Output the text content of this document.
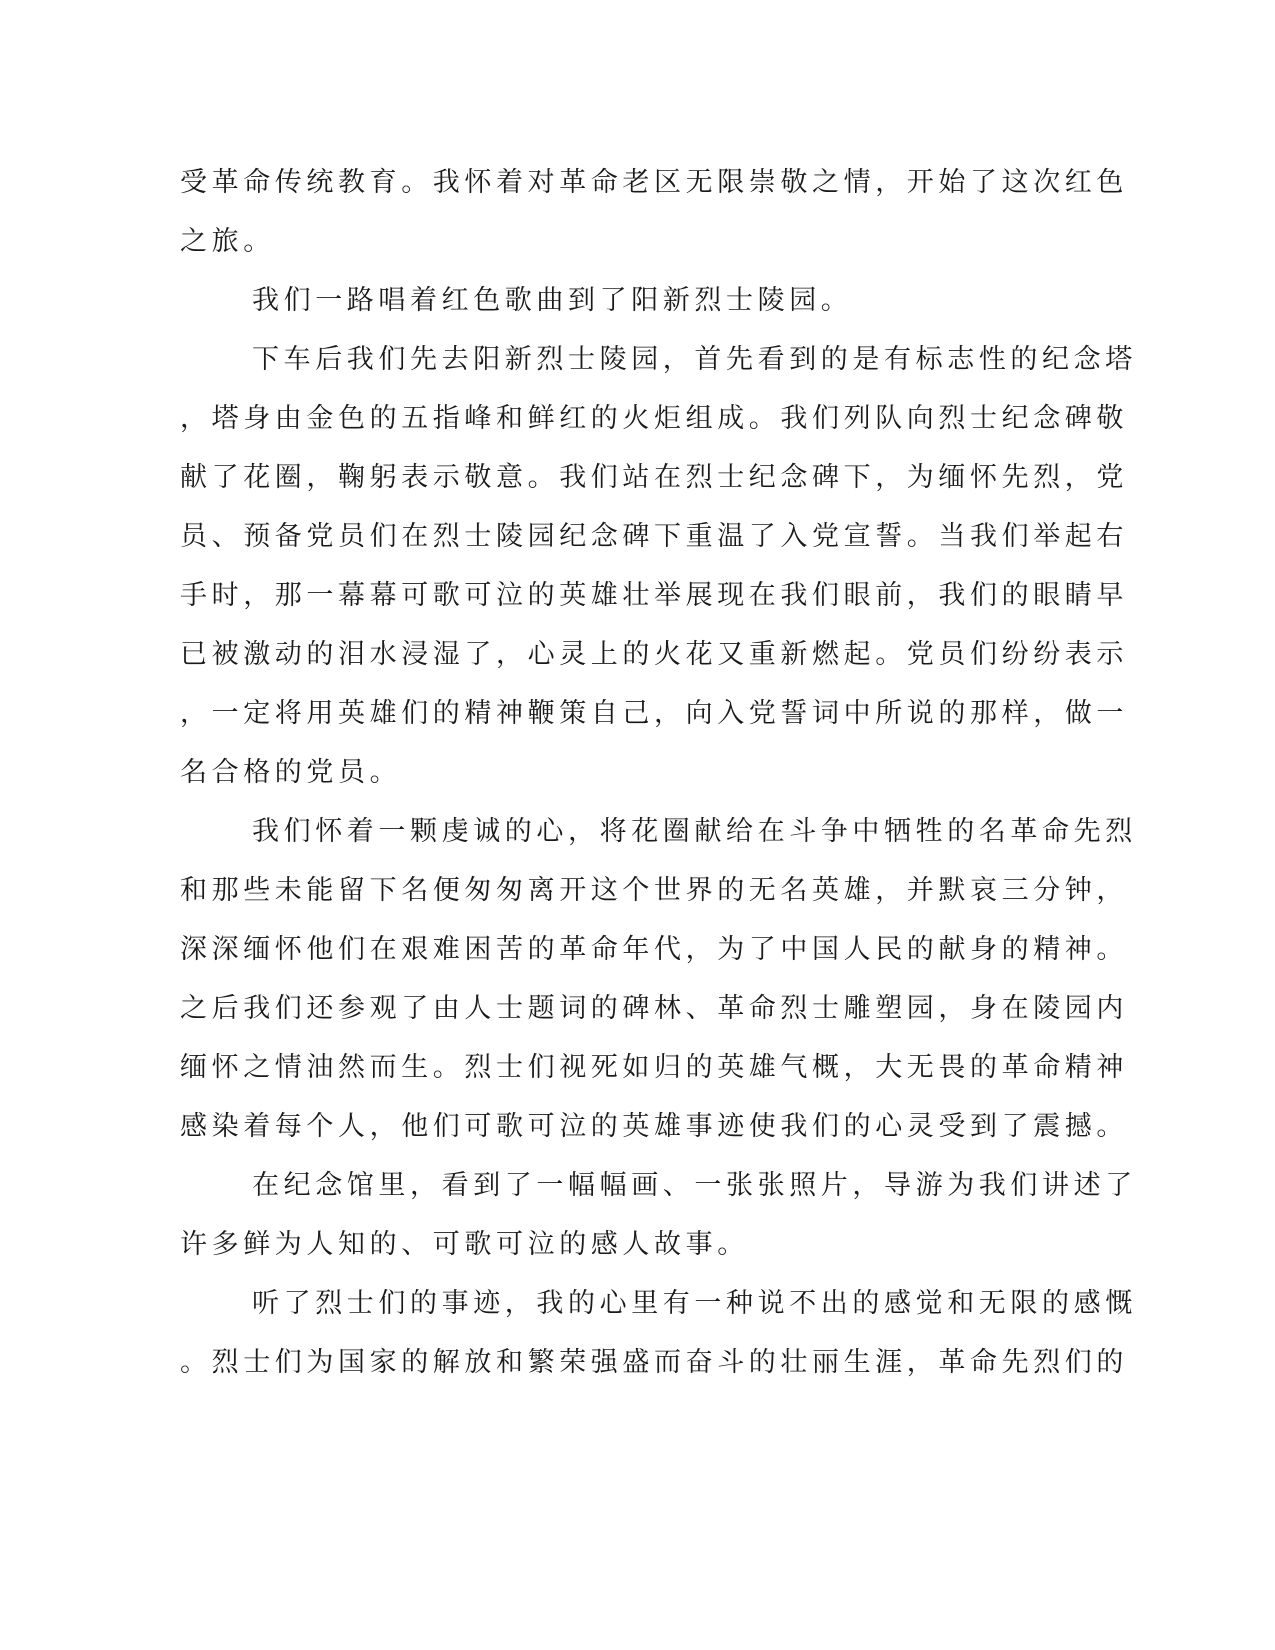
受革命传统教育。我怀着对革命老区无限崇敬之情，开始了这次红色
之旅。

我们一路唱着红色歌曲到了阳新烈士陵园。

下车后我们先去阳新烈士陵园，首先看到的是有标志性的纪念塔
，塔身由金色的五指峰和鲜红的火炬组成。我们列队向烈士纪念碑敬
献了花圈，鞠躬表示敬意。我们站在烈士纪念碑下，为缅怀先烈，党
员、预备党员们在烈士陵园纪念碑下重温了入党宣誓。当我们举起右
手时，那一幕幕可歌可泣的英雄壮举展现在我们眼前，我们的眼睛早
已被激动的泪水浸湿了，心灵上的火花又重新燃起。党员们纷纷表示
，一定将用英雄们的精神鞭策自己，向入党誓词中所说的那样，做一
名合格的党员。

我们怀着一颗虔诚的心，将花圈献给在斗争中牺牲的名革命先烈
和那些未能留下名便匆匆离开这个世界的无名英雄，并默哀三分钟，
深深缅怀他们在艰难困苦的革命年代，为了中国人民的献身的精神。
之后我们还参观了由人士题词的碑林、革命烈士雕塑园，身在陵园内
缅怀之情油然而生。烈士们视死如归的英雄气概，大无畏的革命精神
感染着每个人，他们可歌可泣的英雄事迹使我们的心灵受到了震撼。

在纪念馆里，看到了一幅幅画、一张张照片，导游为我们讲述了
许多鲜为人知的、可歌可泣的感人故事。

听了烈士们的事迹，我的心里有一种说不出的感觉和无限的感慨
。烈士们为国家的解放和繁荣强盛而奋斗的壮丽生涯，革命先烈们的
